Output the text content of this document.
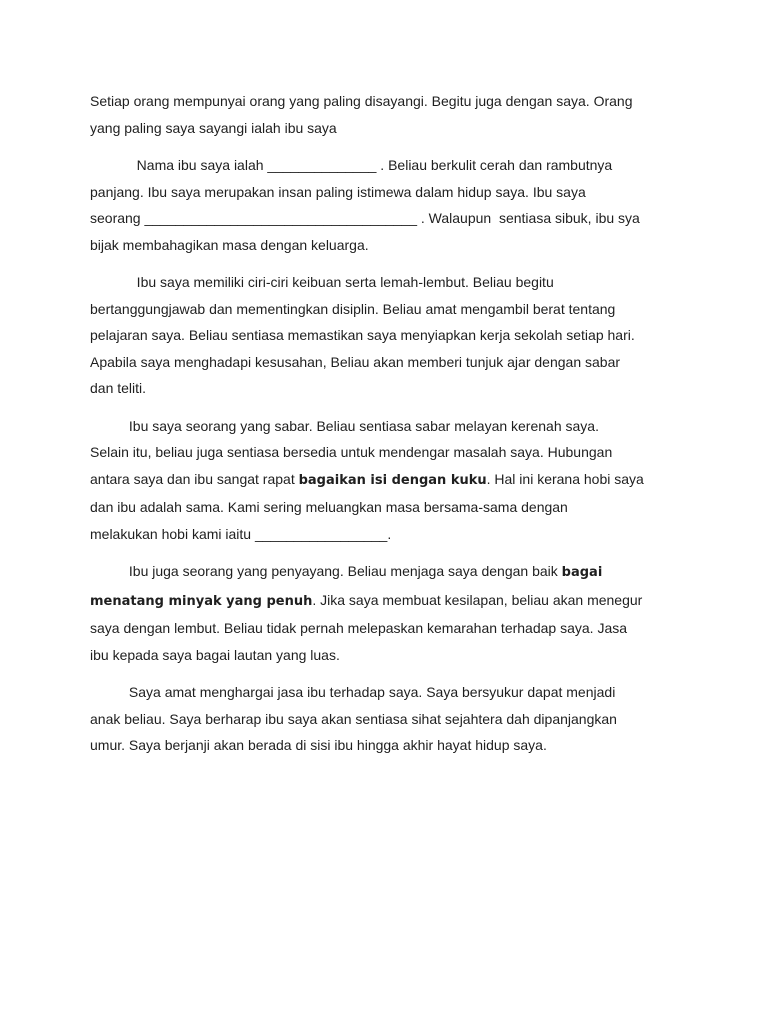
Setiap orang mempunyai orang yang paling disayangi. Begitu juga dengan saya. Orang
yang paling saya sayangi ialah ibu saya
Nama ibu saya ialah ______________ . Beliau berkulit cerah dan rambutnya
panjang. Ibu saya merupakan insan paling istimewa dalam hidup saya. Ibu saya
seorang ___________________________________ . Walaupun  sentiasa sibuk, ibu sya
bijak membahagikan masa dengan keluarga.
Ibu saya memiliki ciri-ciri keibuan serta lemah-lembut. Beliau begitu
bertanggungjawab dan mementingkan disiplin. Beliau amat mengambil berat tentang
pelajaran saya. Beliau sentiasa memastikan saya menyiapkan kerja sekolah setiap hari.
Apabila saya menghadapi kesusahan, Beliau akan memberi tunjuk ajar dengan sabar
dan teliti.
Ibu saya seorang yang sabar. Beliau sentiasa sabar melayan kerenah saya.
Selain itu, beliau juga sentiasa bersedia untuk mendengar masalah saya. Hubungan
antara saya dan ibu sangat rapat bagaikan isi dengan kuku. Hal ini kerana hobi saya
dan ibu adalah sama. Kami sering meluangkan masa bersama-sama dengan
melakukan hobi kami iaitu _________________.
Ibu juga seorang yang penyayang. Beliau menjaga saya dengan baik bagai
menatang minyak yang penuh. Jika saya membuat kesilapan, beliau akan menegur
saya dengan lembut. Beliau tidak pernah melepaskan kemarahan terhadap saya. Jasa
ibu kepada saya bagai lautan yang luas.
Saya amat menghargai jasa ibu terhadap saya. Saya bersyukur dapat menjadi
anak beliau. Saya berharap ibu saya akan sentiasa sihat sejahtera dah dipanjangkan
umur. Saya berjanji akan berada di sisi ibu hingga akhir hayat hidup saya.
